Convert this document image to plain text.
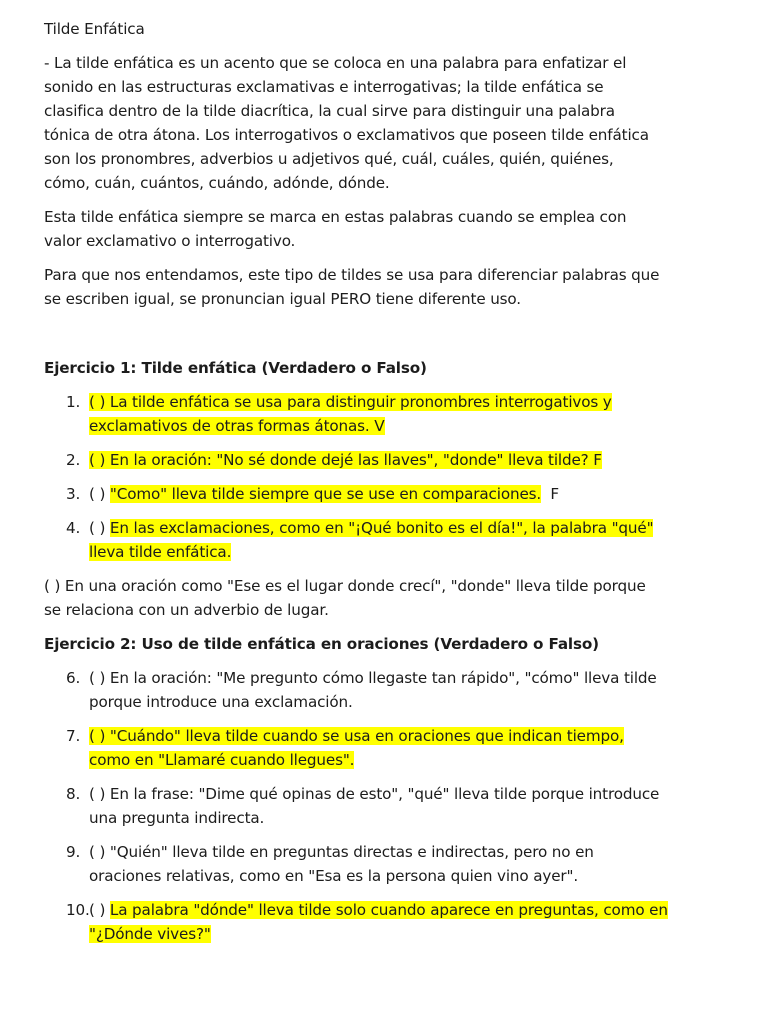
Tilde Enfática

- La tilde enfática es un acento que se coloca en una palabra para enfatizar el sonido en las estructuras exclamativas e interrogativas; la tilde enfática se clasifica dentro de la tilde diacrítica, la cual sirve para distinguir una palabra tónica de otra átona. Los interrogativos o exclamativos que poseen tilde enfática son los pronombres, adverbios u adjetivos qué, cuál, cuáles, quién, quiénes, cómo, cuán, cuántos, cuándo, adónde, dónde.

Esta tilde enfática siempre se marca en estas palabras cuando se emplea con valor exclamativo o interrogativo.

Para que nos entendamos, este tipo de tildes se usa para diferenciar palabras que se escriben igual, se pronuncian igual PERO tiene diferente uso.

Ejercicio 1: Tilde enfática (Verdadero o Falso)

1. ( ) La tilde enfática se usa para distinguir pronombres interrogativos y exclamativos de otras formas átonas. V
2. ( ) En la oración: "No sé donde dejé las llaves", "donde" lleva tilde? F
3. ( ) "Como" lleva tilde siempre que se use en comparaciones.  F
4. ( ) En las exclamaciones, como en "¡Qué bonito es el día!", la palabra "qué" lleva tilde enfática.

( ) En una oración como "Ese es el lugar donde crecí", "donde" lleva tilde porque se relaciona con un adverbio de lugar.

Ejercicio 2: Uso de tilde enfática en oraciones (Verdadero o Falso)

6. ( ) En la oración: "Me pregunto cómo llegaste tan rápido", "cómo" lleva tilde porque introduce una exclamación.
7. ( ) "Cuándo" lleva tilde cuando se usa en oraciones que indican tiempo, como en "Llamaré cuando llegues".
8. ( ) En la frase: "Dime qué opinas de esto", "qué" lleva tilde porque introduce una pregunta indirecta.
9. ( ) "Quién" lleva tilde en preguntas directas e indirectas, pero no en oraciones relativas, como en "Esa es la persona quien vino ayer".
10. ( ) La palabra "dónde" lleva tilde solo cuando aparece en preguntas, como en "¿Dónde vives?"
